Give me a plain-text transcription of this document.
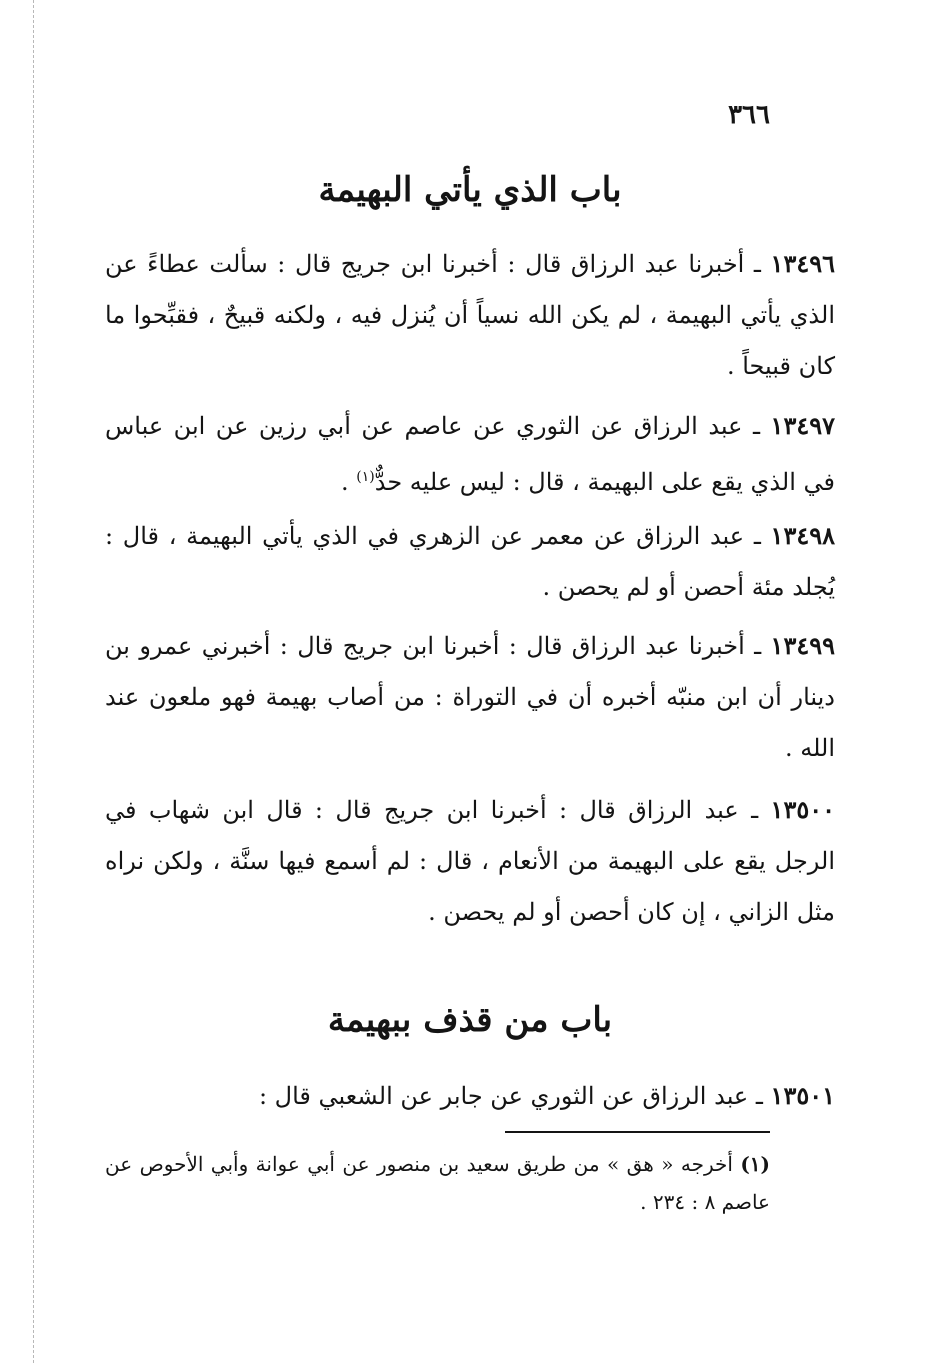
٣٦٦
باب الذي يأتي البهيمة

١٣٤٩٦ ـ أخبرنا عبد الرزاق قال : أخبرنا ابن جريج قال : سألت عطاءً عن الذي يأتي البهيمة ، لم يكن الله نسياً أن يُنزل فيه ، ولكنه قبيحٌ ، فقبِّحوا ما كان قبيحاً .

١٣٤٩٧ ـ عبد الرزاق عن الثوري عن عاصم عن أبي رزين عن ابن عباس في الذي يقع على البهيمة ، قال : ليس عليه حدٌّ$^{(١)}$ .

١٣٤٩٨ ـ عبد الرزاق عن معمر عن الزهري في الذي يأتي البهيمة ، قال : يُجلد مئة أحصن أو لم يحصن .

١٣٤٩٩ ـ أخبرنا عبد الرزاق قال : أخبرنا ابن جريج قال : أخبرني عمرو بن دينار أن ابن منبّه أخبره أن في التوراة : من أصاب بهيمة فهو ملعون عند الله .

١٣٥٠٠ ـ عبد الرزاق قال : أخبرنا ابن جريج قال : قال ابن شهاب في الرجل يقع على البهيمة من الأنعام ، قال : لم أسمع فيها سنَّة ، ولكن نراه مثل الزاني ، إن كان أحصن أو لم يحصن .

باب من قذف ببهيمة

١٣٥٠١ ـ عبد الرزاق عن الثوري عن جابر عن الشعبي قال :

(١) أخرجه « هق » من طريق سعيد بن منصور عن أبي عوانة وأبي الأحوص عن عاصم ٨ : ٢٣٤ .
